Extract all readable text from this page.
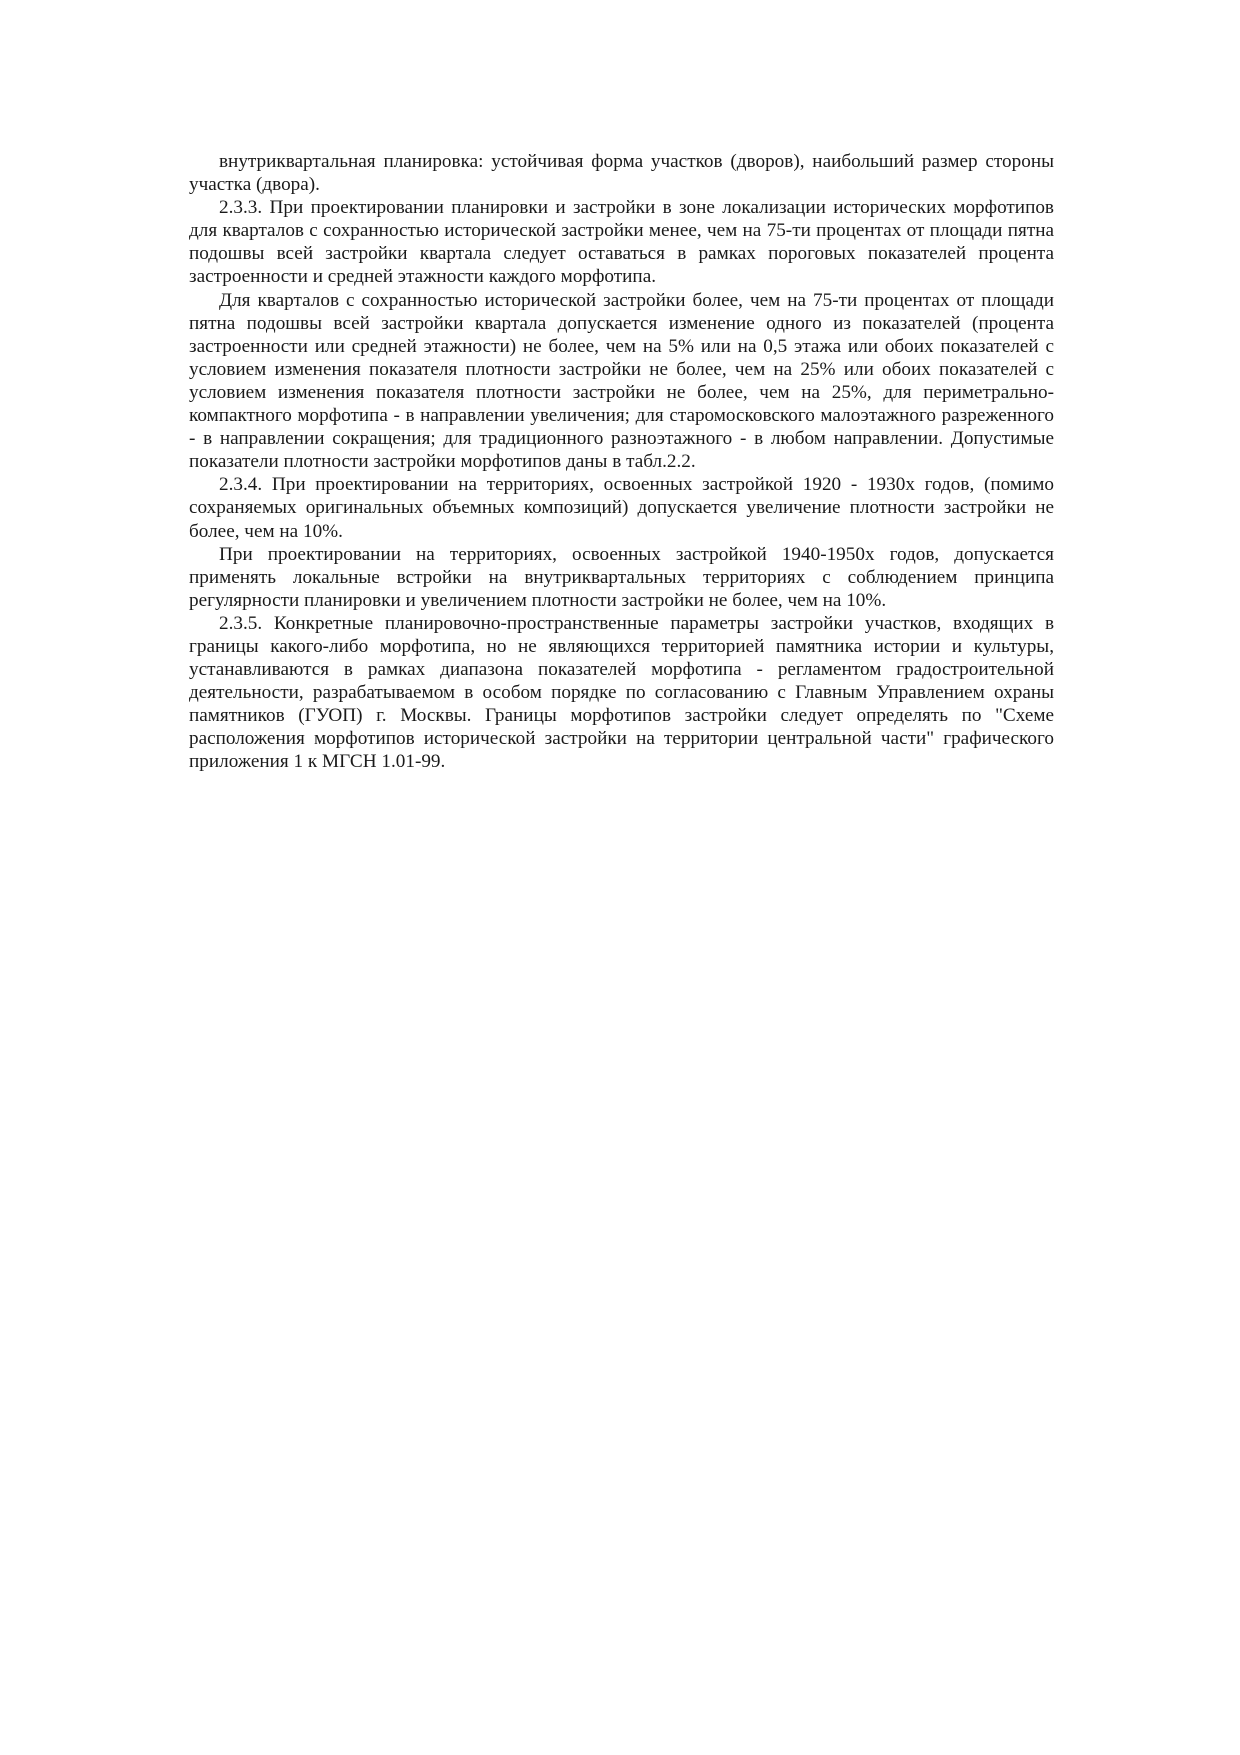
внутриквартальная планировка: устойчивая форма участков (дворов), наибольший размер стороны участка (двора).

2.3.3. При проектировании планировки и застройки в зоне локализации исторических морфотипов для кварталов с сохранностью исторической застройки менее, чем на 75-ти процентах от площади пятна подошвы всей застройки квартала следует оставаться в рамках пороговых показателей процента застроенности и средней этажности каждого морфотипа.

Для кварталов с сохранностью исторической застройки более, чем на 75-ти процентах от площади пятна подошвы всей застройки квартала допускается изменение одного из показателей (процента застроенности или средней этажности) не более, чем на 5% или на 0,5 этажа или обоих показателей с условием изменения показателя плотности застройки не более, чем на 25% или обоих показателей с условием изменения показателя плотности застройки не более, чем на 25%, для периметрально-компактного морфотипа - в направлении увеличения; для старомосковского малоэтажного разреженного - в направлении сокращения; для традиционного разноэтажного - в любом направлении. Допустимые показатели плотности застройки морфотипов даны в табл.2.2.

2.3.4. При проектировании на территориях, освоенных застройкой 1920 - 1930х годов, (помимо сохраняемых оригинальных объемных композиций) допускается увеличение плотности застройки не более, чем на 10%.

При проектировании на территориях, освоенных застройкой 1940-1950х годов, допускается применять локальные встройки на внутриквартальных территориях с соблюдением принципа регулярности планировки и увеличением плотности застройки не более, чем на 10%.

2.3.5. Конкретные планировочно-пространственные параметры застройки участков, входящих в границы какого-либо морфотипа, но не являющихся территорией памятника истории и культуры, устанавливаются в рамках диапазона показателей морфотипа - регламентом градостроительной деятельности, разрабатываемом в особом порядке по согласованию с Главным Управлением охраны памятников (ГУОП) г. Москвы. Границы морфотипов застройки следует определять по "Схеме расположения морфотипов исторической застройки на территории центральной части" графического приложения 1 к МГСН 1.01-99.
